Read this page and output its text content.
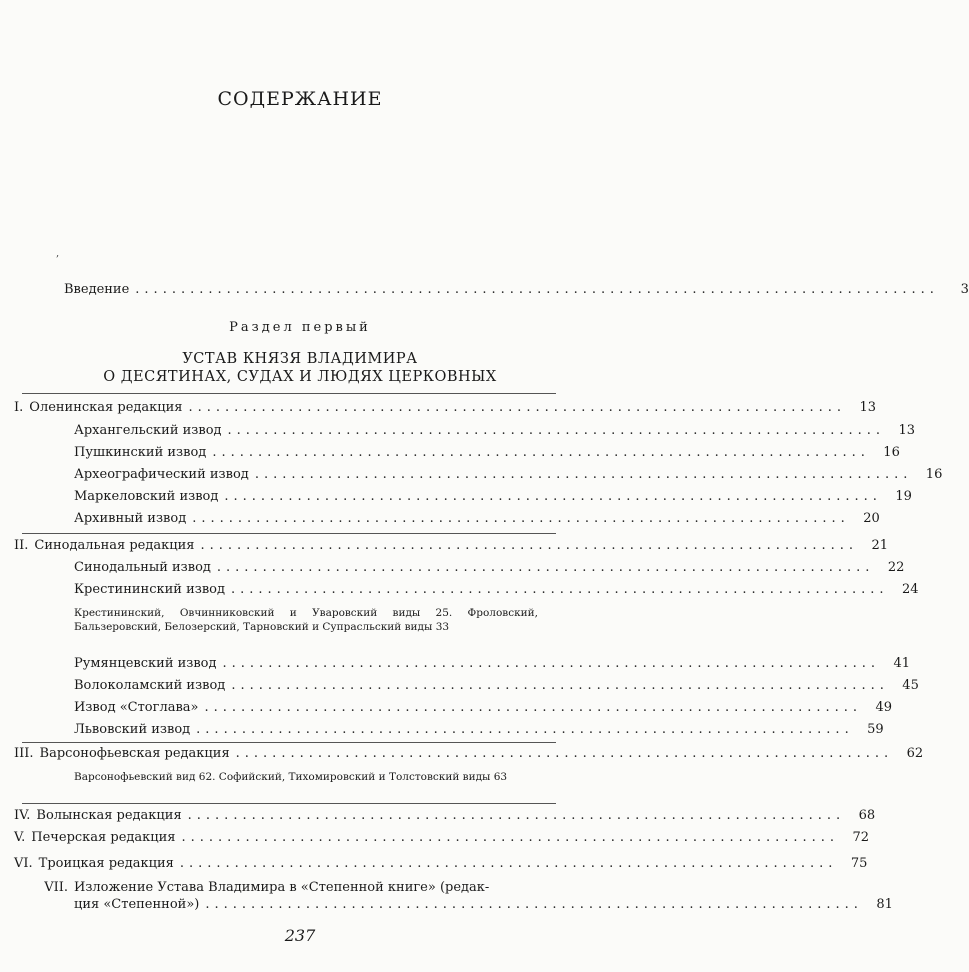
СОДЕРЖАНИЕ
,
Введение ........................................................................................	3
Раздел первый
УСТАВ КНЯЗЯ ВЛАДИМИРА
О ДЕСЯТИНАХ, СУДАХ И ЛЮДЯХ ЦЕРКОВНЫХ
I. Оленинская редакция ........................................................................	13
Архангельский извод ........................................................................	13
Пушкинский извод ........................................................................	16
Археографический извод ........................................................................	16
Маркеловский извод ........................................................................	19
Архивный извод ........................................................................	20
II. Синодальная редакция ........................................................................	21
Синодальный извод ........................................................................	22
Крестининский извод ........................................................................	24
Крестининский, Овчинниковский и Уваровский виды 25. Фроловский, Бальзеровский, Белозерский, Тарновский и Супрасльский виды 33
Румянцевский извод ........................................................................	41
Волоколамский извод ........................................................................	45
Извод «Стоглава» ........................................................................	49
Львовский извод ........................................................................	59
III. Варсонофьевская редакция ........................................................................	62
Варсонофьевский вид 62. Софийский, Тихомировский и Толстовский виды 63
IV. Волынская редакция ........................................................................	68
V. Печерская редакция ........................................................................	72
VI. Троицкая редакция ........................................................................	75
VII. Изложение Устава Владимира в «Степенной книге» (редак-
ция «Степенной») ........................................................................	81
237
